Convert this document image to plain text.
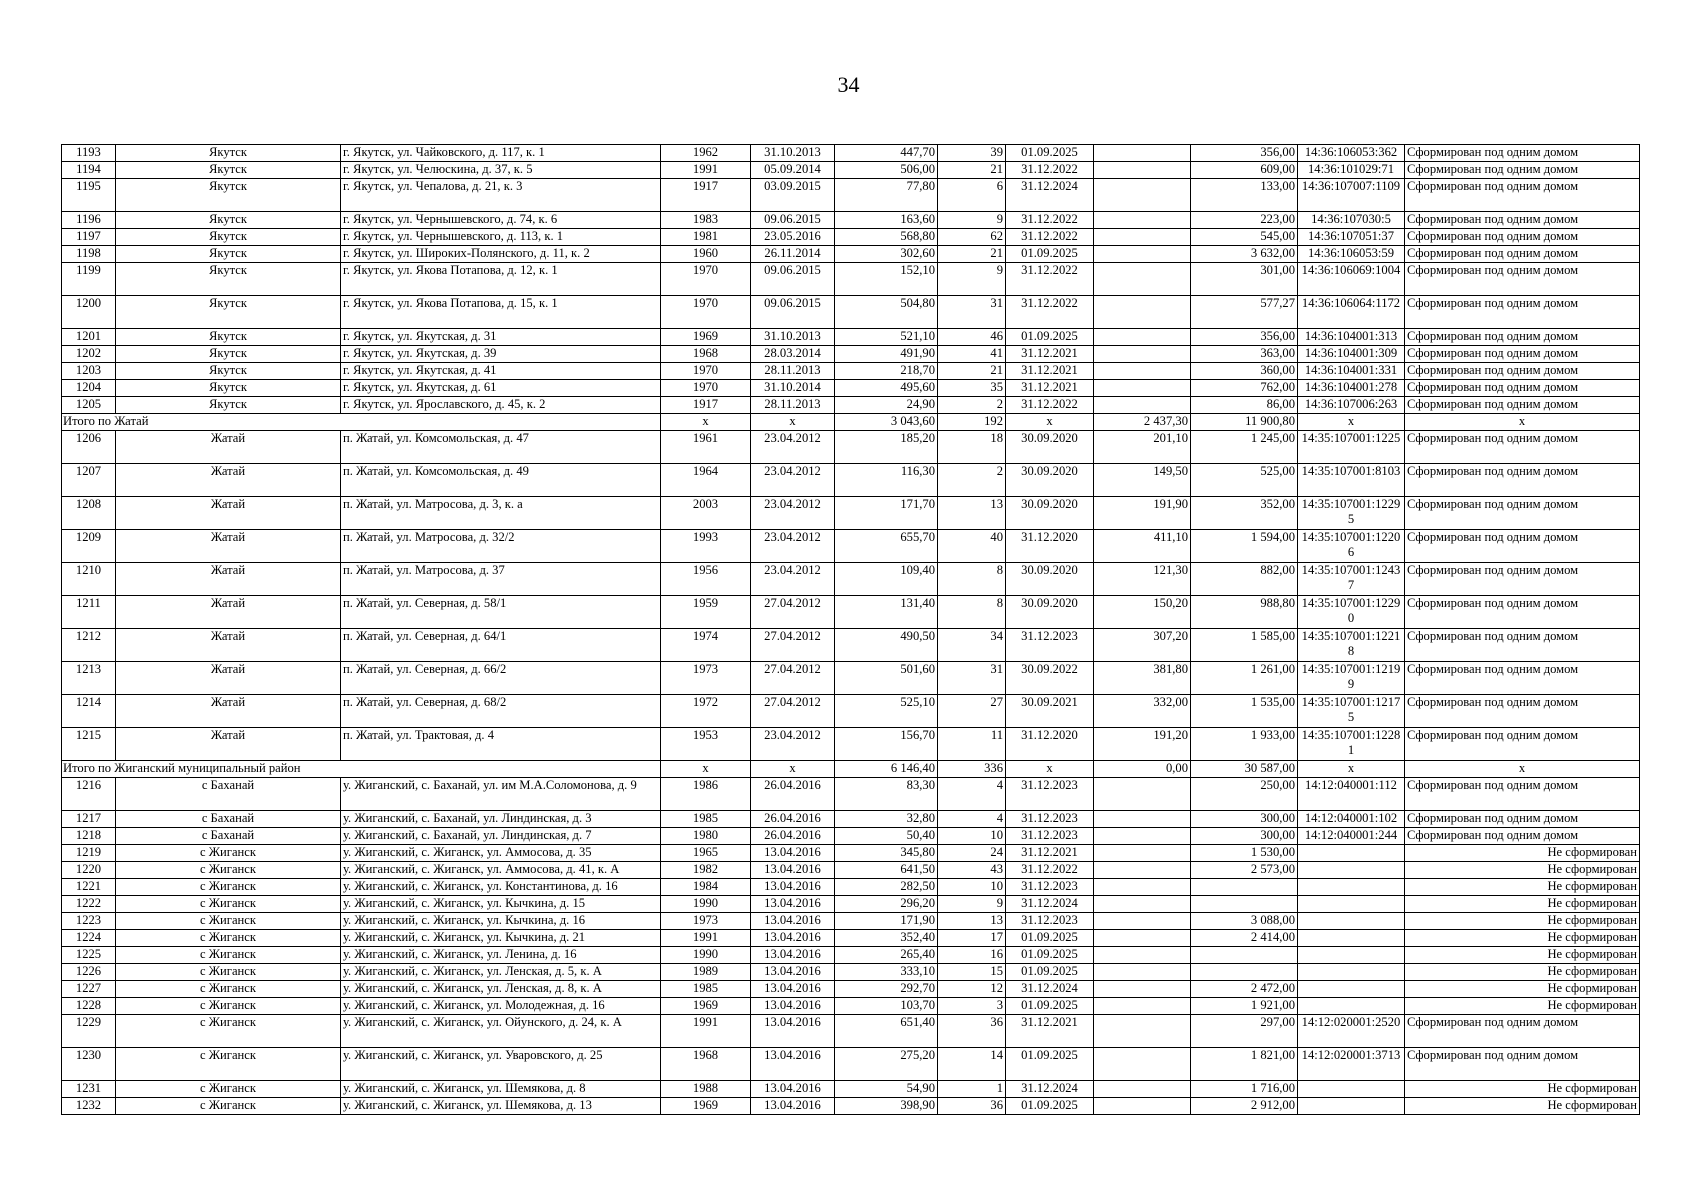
34
1193	Якутск	г. Якутск, ул. Чайковского, д. 117, к. 1	1962	31.10.2013	447,70	39	01.09.2025		356,00	14:36:106053:362	Сформирован под одним домом
1194	Якутск	г. Якутск, ул. Челюскина, д. 37, к. 5	1991	05.09.2014	506,00	21	31.12.2022		609,00	14:36:101029:71	Сформирован под одним домом
1195	Якутск	г. Якутск, ул. Чепалова, д. 21, к. 3	1917	03.09.2015	77,80	6	31.12.2024		133,00	14:36:107007:1109	Сформирован под одним домом
1196	Якутск	г. Якутск, ул. Чернышевского, д. 74, к. 6	1983	09.06.2015	163,60	9	31.12.2022		223,00	14:36:107030:5	Сформирован под одним домом
1197	Якутск	г. Якутск, ул. Чернышевского, д. 113, к. 1	1981	23.05.2016	568,80	62	31.12.2022		545,00	14:36:107051:37	Сформирован под одним домом
1198	Якутск	г. Якутск, ул. Широких-Полянского, д. 11, к. 2	1960	26.11.2014	302,60	21	01.09.2025		3 632,00	14:36:106053:59	Сформирован под одним домом
1199	Якутск	г. Якутск, ул. Якова Потапова, д. 12, к. 1	1970	09.06.2015	152,10	9	31.12.2022		301,00	14:36:106069:1004	Сформирован под одним домом
1200	Якутск	г. Якутск, ул. Якова Потапова, д. 15, к. 1	1970	09.06.2015	504,80	31	31.12.2022		577,27	14:36:106064:1172	Сформирован под одним домом
1201	Якутск	г. Якутск, ул. Якутская, д. 31	1969	31.10.2013	521,10	46	01.09.2025		356,00	14:36:104001:313	Сформирован под одним домом
1202	Якутск	г. Якутск, ул. Якутская, д. 39	1968	28.03.2014	491,90	41	31.12.2021		363,00	14:36:104001:309	Сформирован под одним домом
1203	Якутск	г. Якутск, ул. Якутская, д. 41	1970	28.11.2013	218,70	21	31.12.2021		360,00	14:36:104001:331	Сформирован под одним домом
1204	Якутск	г. Якутск, ул. Якутская, д. 61	1970	31.10.2014	495,60	35	31.12.2021		762,00	14:36:104001:278	Сформирован под одним домом
1205	Якутск	г. Якутск, ул. Ярославского, д. 45, к. 2	1917	28.11.2013	24,90	2	31.12.2022		86,00	14:36:107006:263	Сформирован под одним домом
Итого по Жатай			х	х	3 043,60	192	х	2 437,30	11 900,80	х	х
1206	Жатай	п. Жатай, ул. Комсомольская, д. 47	1961	23.04.2012	185,20	18	30.09.2020	201,10	1 245,00	14:35:107001:1225	Сформирован под одним домом
1207	Жатай	п. Жатай, ул. Комсомольская, д. 49	1964	23.04.2012	116,30	2	30.09.2020	149,50	525,00	14:35:107001:8103	Сформирован под одним домом
1208	Жатай	п. Жатай, ул. Матросова, д. 3, к. а	2003	23.04.2012	171,70	13	30.09.2020	191,90	352,00	14:35:107001:12295	Сформирован под одним домом
1209	Жатай	п. Жатай, ул. Матросова, д. 32/2	1993	23.04.2012	655,70	40	31.12.2020	411,10	1 594,00	14:35:107001:12206	Сформирован под одним домом
1210	Жатай	п. Жатай, ул. Матросова, д. 37	1956	23.04.2012	109,40	8	30.09.2020	121,30	882,00	14:35:107001:12437	Сформирован под одним домом
1211	Жатай	п. Жатай, ул. Северная, д. 58/1	1959	27.04.2012	131,40	8	30.09.2020	150,20	988,80	14:35:107001:12290	Сформирован под одним домом
1212	Жатай	п. Жатай, ул. Северная, д. 64/1	1974	27.04.2012	490,50	34	31.12.2023	307,20	1 585,00	14:35:107001:12218	Сформирован под одним домом
1213	Жатай	п. Жатай, ул. Северная, д. 66/2	1973	27.04.2012	501,60	31	30.09.2022	381,80	1 261,00	14:35:107001:12199	Сформирован под одним домом
1214	Жатай	п. Жатай, ул. Северная, д. 68/2	1972	27.04.2012	525,10	27	30.09.2021	332,00	1 535,00	14:35:107001:12175	Сформирован под одним домом
1215	Жатай	п. Жатай, ул. Трактовая, д. 4	1953	23.04.2012	156,70	11	31.12.2020	191,20	1 933,00	14:35:107001:12281	Сформирован под одним домом
Итого по Жиганский муниципальный район			х	х	6 146,40	336	х	0,00	30 587,00	х	х
1216	с Баханай	у. Жиганский, с. Баханай, ул. им М.А.Соломонова, д. 9	1986	26.04.2016	83,30	4	31.12.2023		250,00	14:12:040001:112	Сформирован под одним домом
1217	с Баханай	у. Жиганский, с. Баханай, ул. Линдинская, д. 3	1985	26.04.2016	32,80	4	31.12.2023		300,00	14:12:040001:102	Сформирован под одним домом
1218	с Баханай	у. Жиганский, с. Баханай, ул. Линдинская, д. 7	1980	26.04.2016	50,40	10	31.12.2023		300,00	14:12:040001:244	Сформирован под одним домом
1219	с Жиганск	у. Жиганский, с. Жиганск, ул. Аммосова, д. 35	1965	13.04.2016	345,80	24	31.12.2021		1 530,00		Не сформирован
1220	с Жиганск	у. Жиганский, с. Жиганск, ул. Аммосова, д. 41, к. А	1982	13.04.2016	641,50	43	31.12.2022		2 573,00		Не сформирован
1221	с Жиганск	у. Жиганский, с. Жиганск, ул. Константинова, д. 16	1984	13.04.2016	282,50	10	31.12.2023				Не сформирован
1222	с Жиганск	у. Жиганский, с. Жиганск, ул. Кычкина, д. 15	1990	13.04.2016	296,20	9	31.12.2024				Не сформирован
1223	с Жиганск	у. Жиганский, с. Жиганск, ул. Кычкина, д. 16	1973	13.04.2016	171,90	13	31.12.2023		3 088,00		Не сформирован
1224	с Жиганск	у. Жиганский, с. Жиганск, ул. Кычкина, д. 21	1991	13.04.2016	352,40	17	01.09.2025		2 414,00		Не сформирован
1225	с Жиганск	у. Жиганский, с. Жиганск, ул. Ленина, д. 16	1990	13.04.2016	265,40	16	01.09.2025				Не сформирован
1226	с Жиганск	у. Жиганский, с. Жиганск, ул. Ленская, д. 5, к. А	1989	13.04.2016	333,10	15	01.09.2025				Не сформирован
1227	с Жиганск	у. Жиганский, с. Жиганск, ул. Ленская, д. 8, к. А	1985	13.04.2016	292,70	12	31.12.2024		2 472,00		Не сформирован
1228	с Жиганск	у. Жиганский, с. Жиганск, ул. Молодежная, д. 16	1969	13.04.2016	103,70	3	01.09.2025		1 921,00		Не сформирован
1229	с Жиганск	у. Жиганский, с. Жиганск, ул. Ойунского, д. 24, к. А	1991	13.04.2016	651,40	36	31.12.2021		297,00	14:12:020001:2520	Сформирован под одним домом
1230	с Жиганск	у. Жиганский, с. Жиганск, ул. Уваровского, д. 25	1968	13.04.2016	275,20	14	01.09.2025		1 821,00	14:12:020001:3713	Сформирован под одним домом
1231	с Жиганск	у. Жиганский, с. Жиганск, ул. Шемякова, д. 8	1988	13.04.2016	54,90	1	31.12.2024		1 716,00		Не сформирован
1232	с Жиганск	у. Жиганский, с. Жиганск, ул. Шемякова, д. 13	1969	13.04.2016	398,90	36	01.09.2025		2 912,00		Не сформирован
